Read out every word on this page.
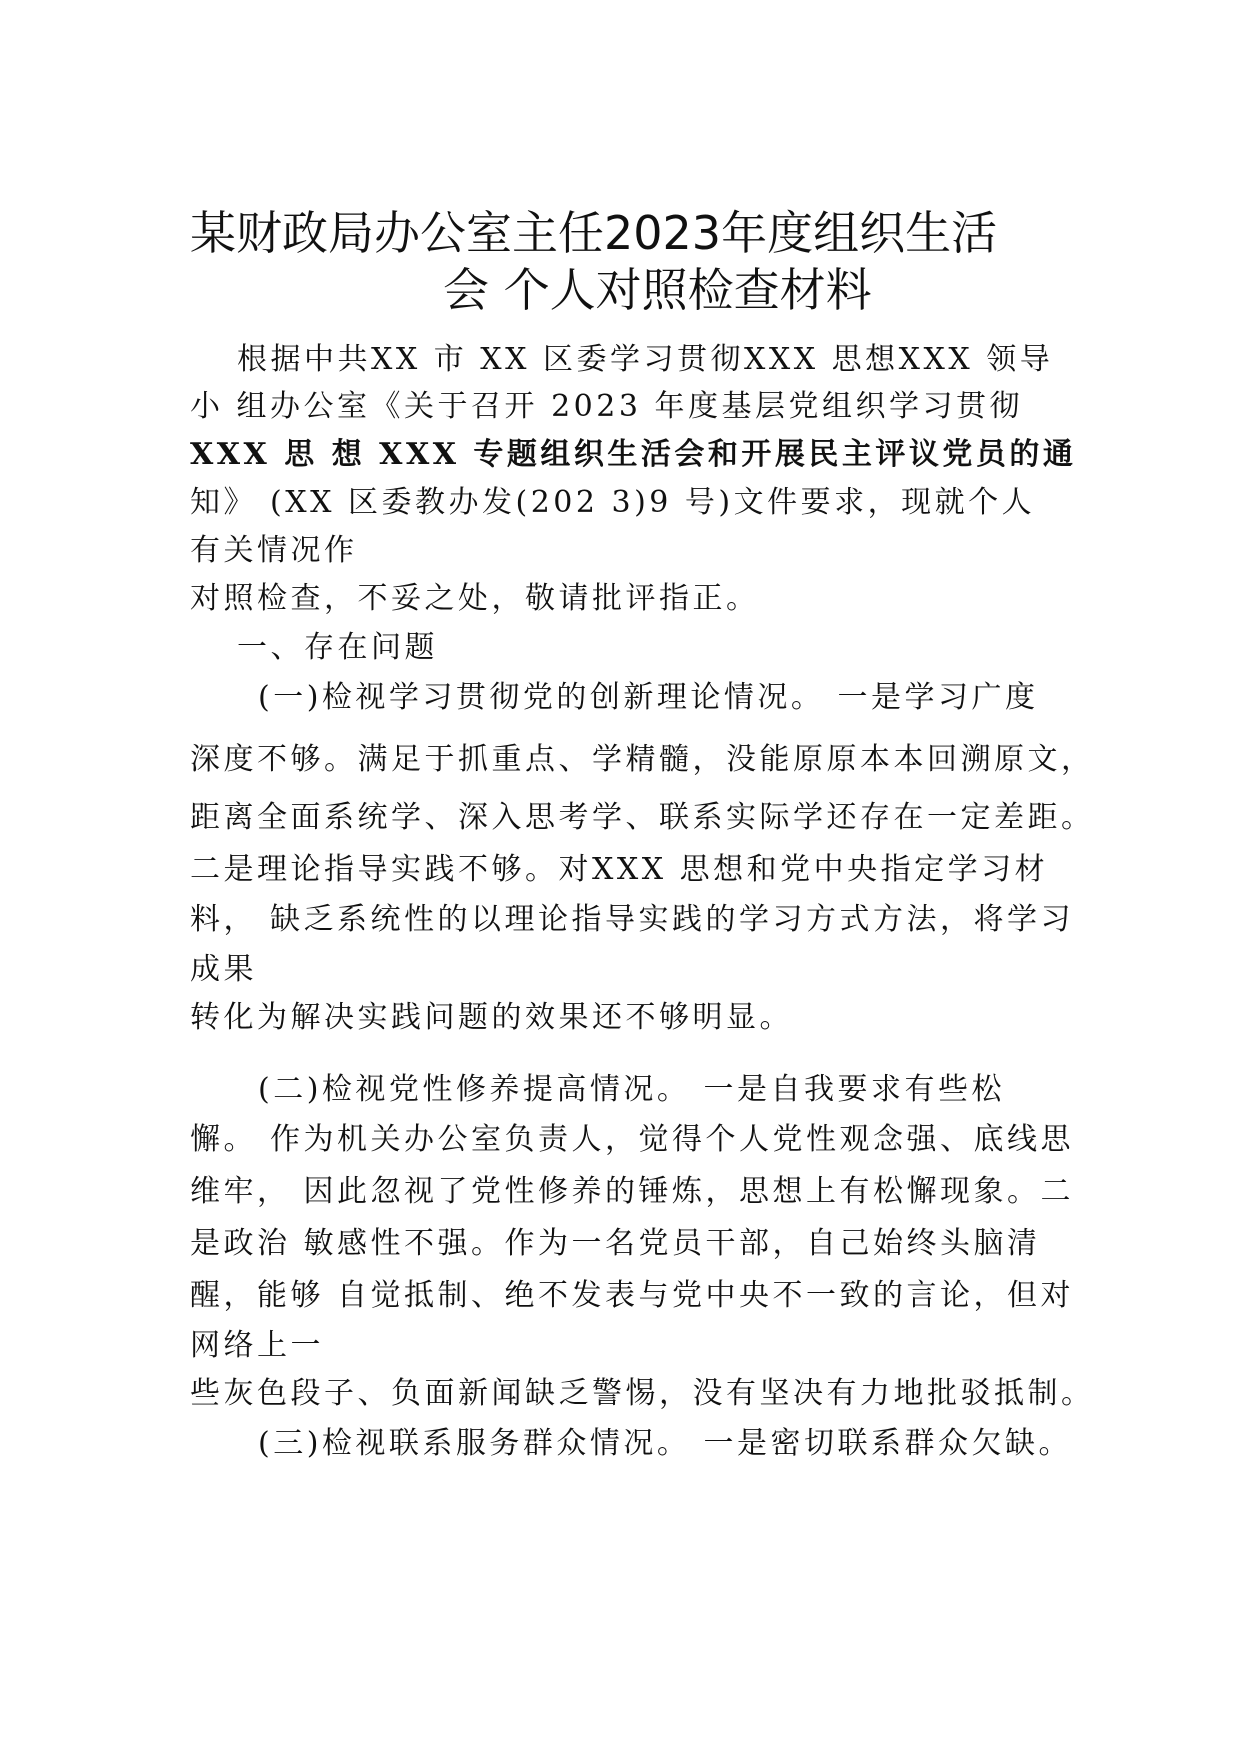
某财政局办公室主任2023年度组织生活
会 个人对照检查材料
根据中共XX 市 XX 区委学习贯彻XXX 思想XXX 领导
小 组办公室《关于召开 2023 年度基层党组织学习贯彻
XXX 思 想 XXX 专题组织生活会和开展民主评议党员的通
知》 (XX 区委教办发(202 3)9 号)文件要求，现就个人
有关情况作
对照检查，不妥之处，敬请批评指正。
一、存在问题
(一)检视学习贯彻党的创新理论情况。 一是学习广度
深度不够。满足于抓重点、学精髓，没能原原本本回溯原文，
距离全面系统学、深入思考学、联系实际学还存在一定差距。
二是理论指导实践不够。对XXX 思想和党中央指定学习材
料， 缺乏系统性的以理论指导实践的学习方式方法，将学习
成果
转化为解决实践问题的效果还不够明显。
(二)检视党性修养提高情况。 一是自我要求有些松
懈。 作为机关办公室负责人，觉得个人党性观念强、底线思
维牢， 因此忽视了党性修养的锤炼，思想上有松懈现象。二
是政治 敏感性不强。作为一名党员干部，自己始终头脑清
醒，能够 自觉抵制、绝不发表与党中央不一致的言论，但对
网络上一
些灰色段子、负面新闻缺乏警惕，没有坚决有力地批驳抵制。
(三)检视联系服务群众情况。 一是密切联系群众欠缺。
